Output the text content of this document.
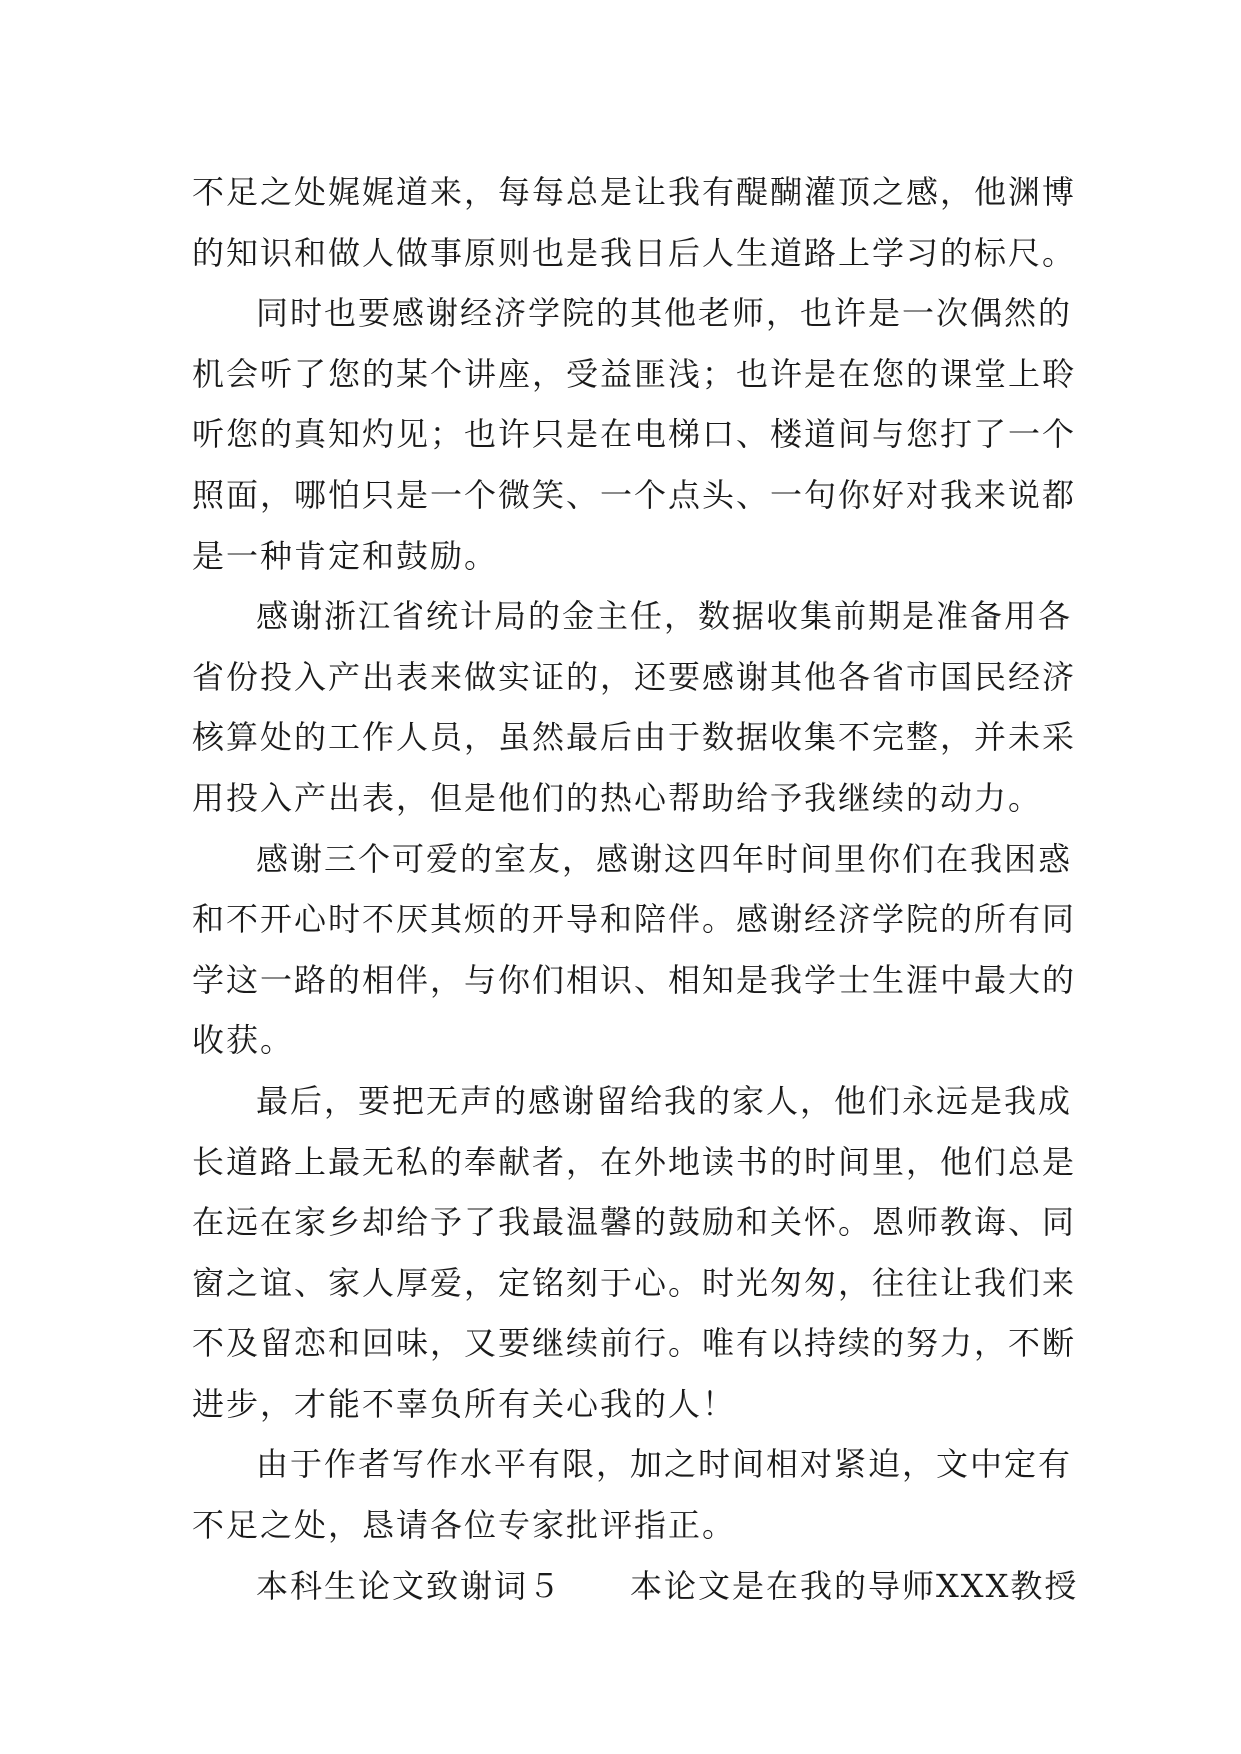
不足之处娓娓道来，每每总是让我有醍醐灌顶之感，他渊博
的知识和做人做事原则也是我日后人生道路上学习的标尺。
同时也要感谢经济学院的其他老师，也许是一次偶然的
机会听了您的某个讲座，受益匪浅；也许是在您的课堂上聆
听您的真知灼见；也许只是在电梯口、楼道间与您打了一个
照面，哪怕只是一个微笑、一个点头、一句你好对我来说都
是一种肯定和鼓励。
感谢浙江省统计局的金主任，数据收集前期是准备用各
省份投入产出表来做实证的，还要感谢其他各省市国民经济
核算处的工作人员，虽然最后由于数据收集不完整，并未采
用投入产出表，但是他们的热心帮助给予我继续的动力。
感谢三个可爱的室友，感谢这四年时间里你们在我困惑
和不开心时不厌其烦的开导和陪伴。感谢经济学院的所有同
学这一路的相伴，与你们相识、相知是我学士生涯中最大的
收获。
最后，要把无声的感谢留给我的家人，他们永远是我成
长道路上最无私的奉献者，在外地读书的时间里，他们总是
在远在家乡却给予了我最温馨的鼓励和关怀。恩师教诲、同
窗之谊、家人厚爱，定铭刻于心。时光匆匆，往往让我们来
不及留恋和回味，又要继续前行。唯有以持续的努力，不断
进步，才能不辜负所有关心我的人！
由于作者写作水平有限，加之时间相对紧迫，文中定有
不足之处，恳请各位专家批评指正。
本科生论文致谢词５　　本论文是在我的导师XXX教授
